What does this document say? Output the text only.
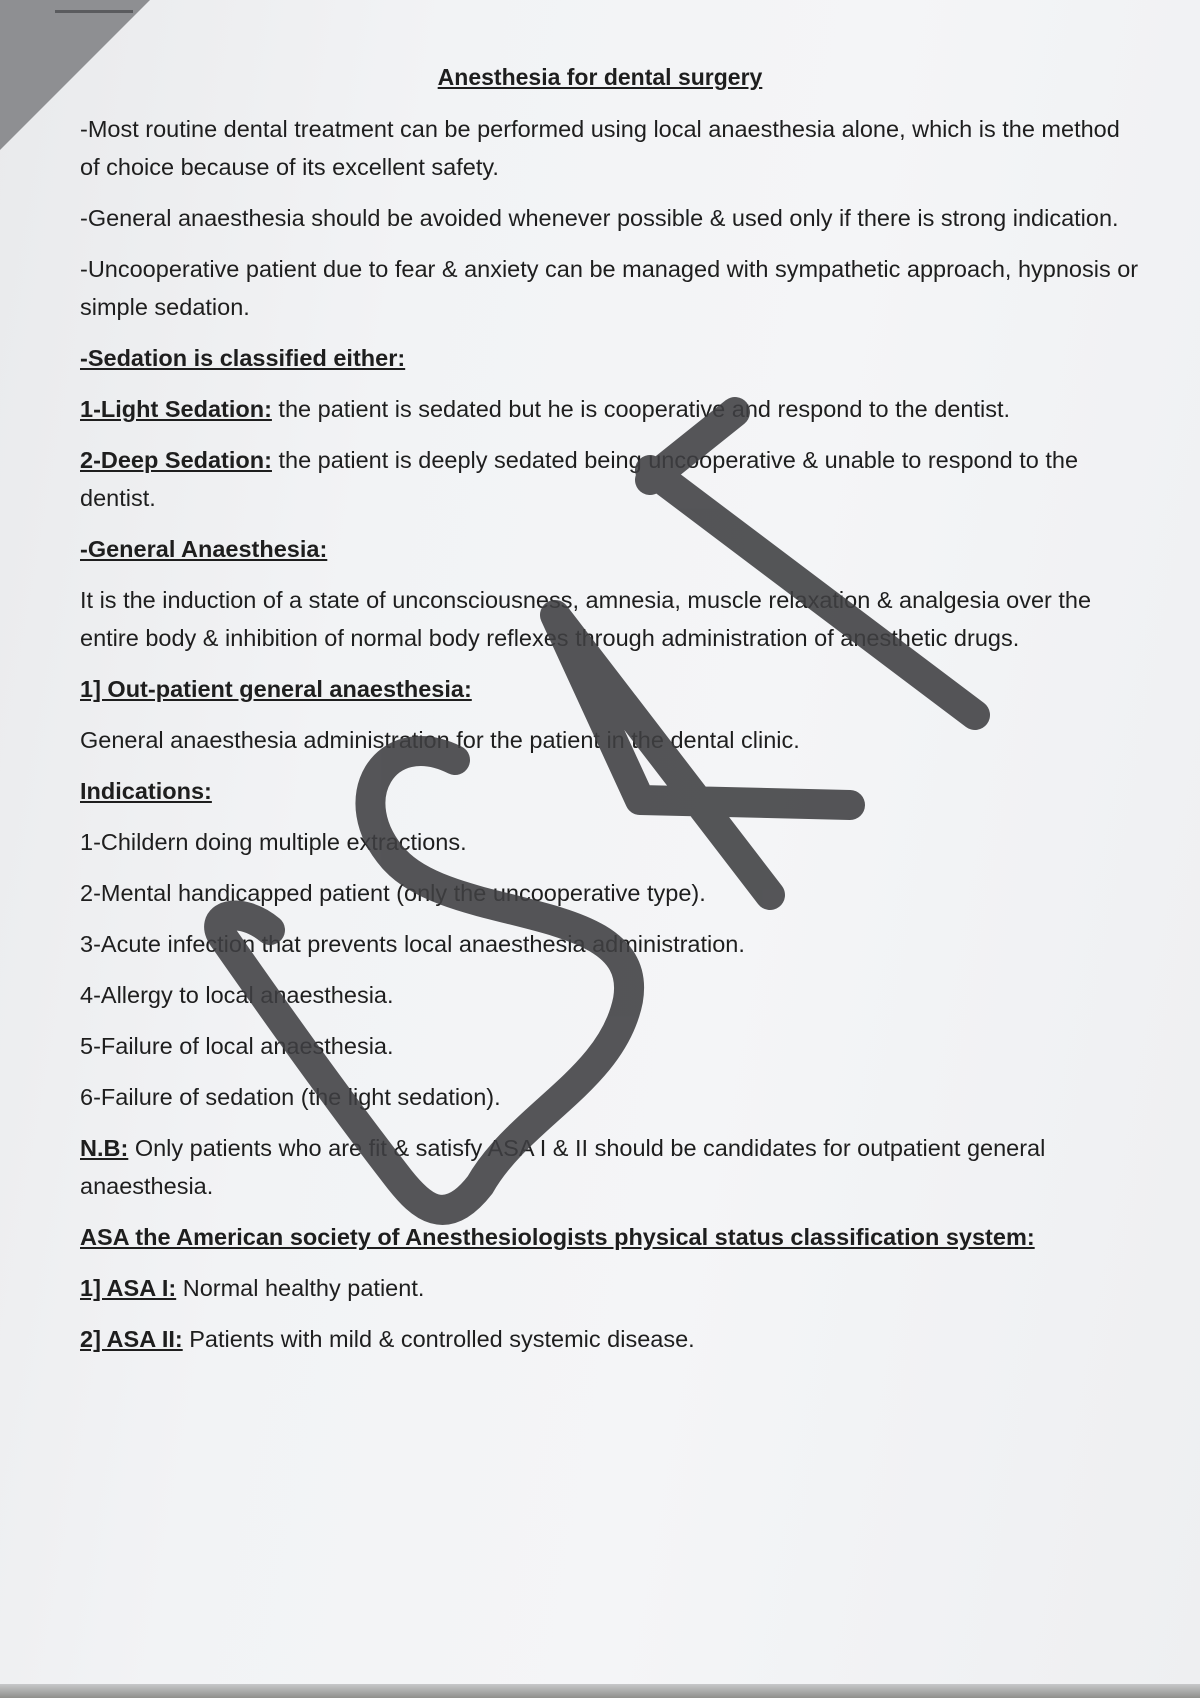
Anesthesia for dental surgery

-Most routine dental treatment can be performed using local anaesthesia alone, which is the method of choice because of its excellent safety.

-General anaesthesia should be avoided whenever possible & used only if there is strong indication.

-Uncooperative patient due to fear & anxiety can be managed with sympathetic approach, hypnosis or simple sedation.

-Sedation is classified either:

1-Light Sedation: the patient is sedated but he is cooperative and respond to the dentist.

2-Deep Sedation: the patient is deeply sedated being uncooperative & unable to respond to the dentist.

-General Anaesthesia:

It is the induction of a state of unconsciousness, amnesia, muscle relaxation & analgesia over the entire body & inhibition of normal body reflexes through administration of anesthetic drugs.

1] Out-patient general anaesthesia:

General anaesthesia administration for the patient in the dental clinic.

Indications:

1-Childern doing multiple extractions.

2-Mental handicapped patient (only the uncooperative type).

3-Acute infection that prevents local anaesthesia administration.

4-Allergy to local anaesthesia.

5-Failure of local anaesthesia.

6-Failure of sedation (the light sedation).

N.B: Only patients who are fit & satisfy ASA I & II should be candidates for outpatient general anaesthesia.

ASA the American society of Anesthesiologists physical status classification system:

1] ASA I: Normal healthy patient.

2] ASA II: Patients with mild & controlled systemic disease.
